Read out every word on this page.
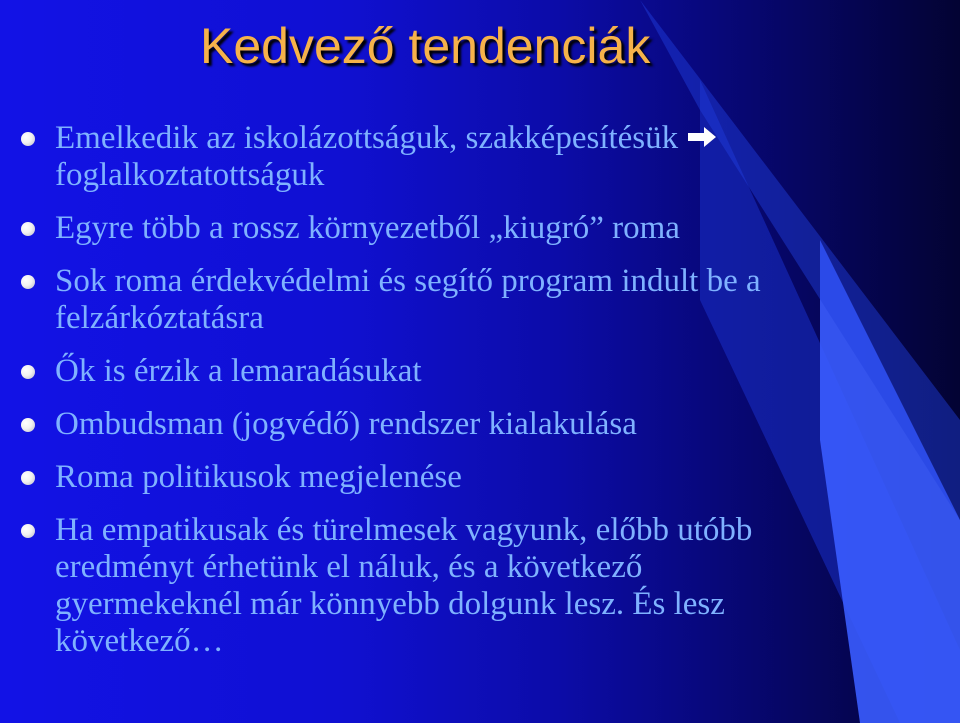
Kedvező tendenciák
Emelkedik az iskolázottságuk, szakképesítésük
foglalkoztatottságuk
Egyre több a rossz környezetből „kiugró” roma
Sok roma érdekvédelmi és segítő program indult be a
felzárkóztatásra
Ők is érzik a lemaradásukat
Ombudsman (jogvédő) rendszer kialakulása
Roma politikusok megjelenése
Ha empatikusak és türelmesek vagyunk, előbb utóbb
eredményt érhetünk el náluk, és a következő
gyermekeknél már könnyebb dolgunk lesz. És lesz
következő…
